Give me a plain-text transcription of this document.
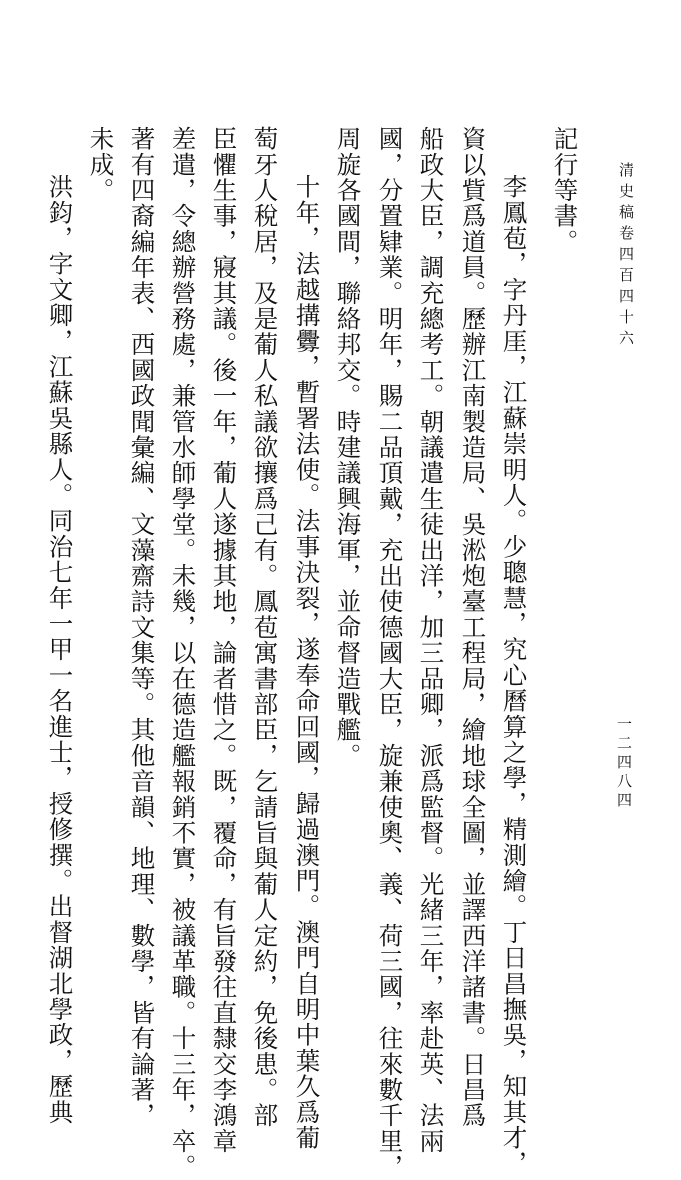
清史稿卷四百四十六
一二四八四
記行等書。
李鳳苞，字丹厓，江蘇崇明人。少聰慧，究心曆算之學，精測繪。丁日昌撫吳，知其才，
資以貲爲道員。歷辦江南製造局、吳淞炮臺工程局，繪地球全圖，並譯西洋諸書。日昌爲
船政大臣，調充總考工。朝議遣生徒出洋，加三品卿，派爲監督。光緒三年，率赴英、法兩
國，分置肄業。明年，賜二品頂戴，充出使德國大臣，旋兼使奧、義、荷三國，往來數千里，
周旋各國間，聯絡邦交。時建議興海軍，並命督造戰艦。
十年，法越搆釁，暫署法使。法事決裂，遂奉命回國，歸過澳門。澳門自明中葉久爲葡
萄牙人稅居，及是葡人私議欲攘爲己有。鳳苞寓書部臣，乞請旨與葡人定約，免後患。部
臣懼生事，寢其議。後一年，葡人遂據其地，論者惜之。既，覆命，有旨發往直隸交李鴻章
差遣，令總辦營務處，兼管水師學堂。未幾，以在德造艦報銷不實，被議革職。十三年，卒。
著有四裔編年表、西國政聞彙編、文藻齋詩文集等。其他音韻、地理、數學，皆有論著，
未成。
洪鈞，字文卿，江蘇吳縣人。同治七年一甲一名進士，授修撰。出督湖北學政，歷典
